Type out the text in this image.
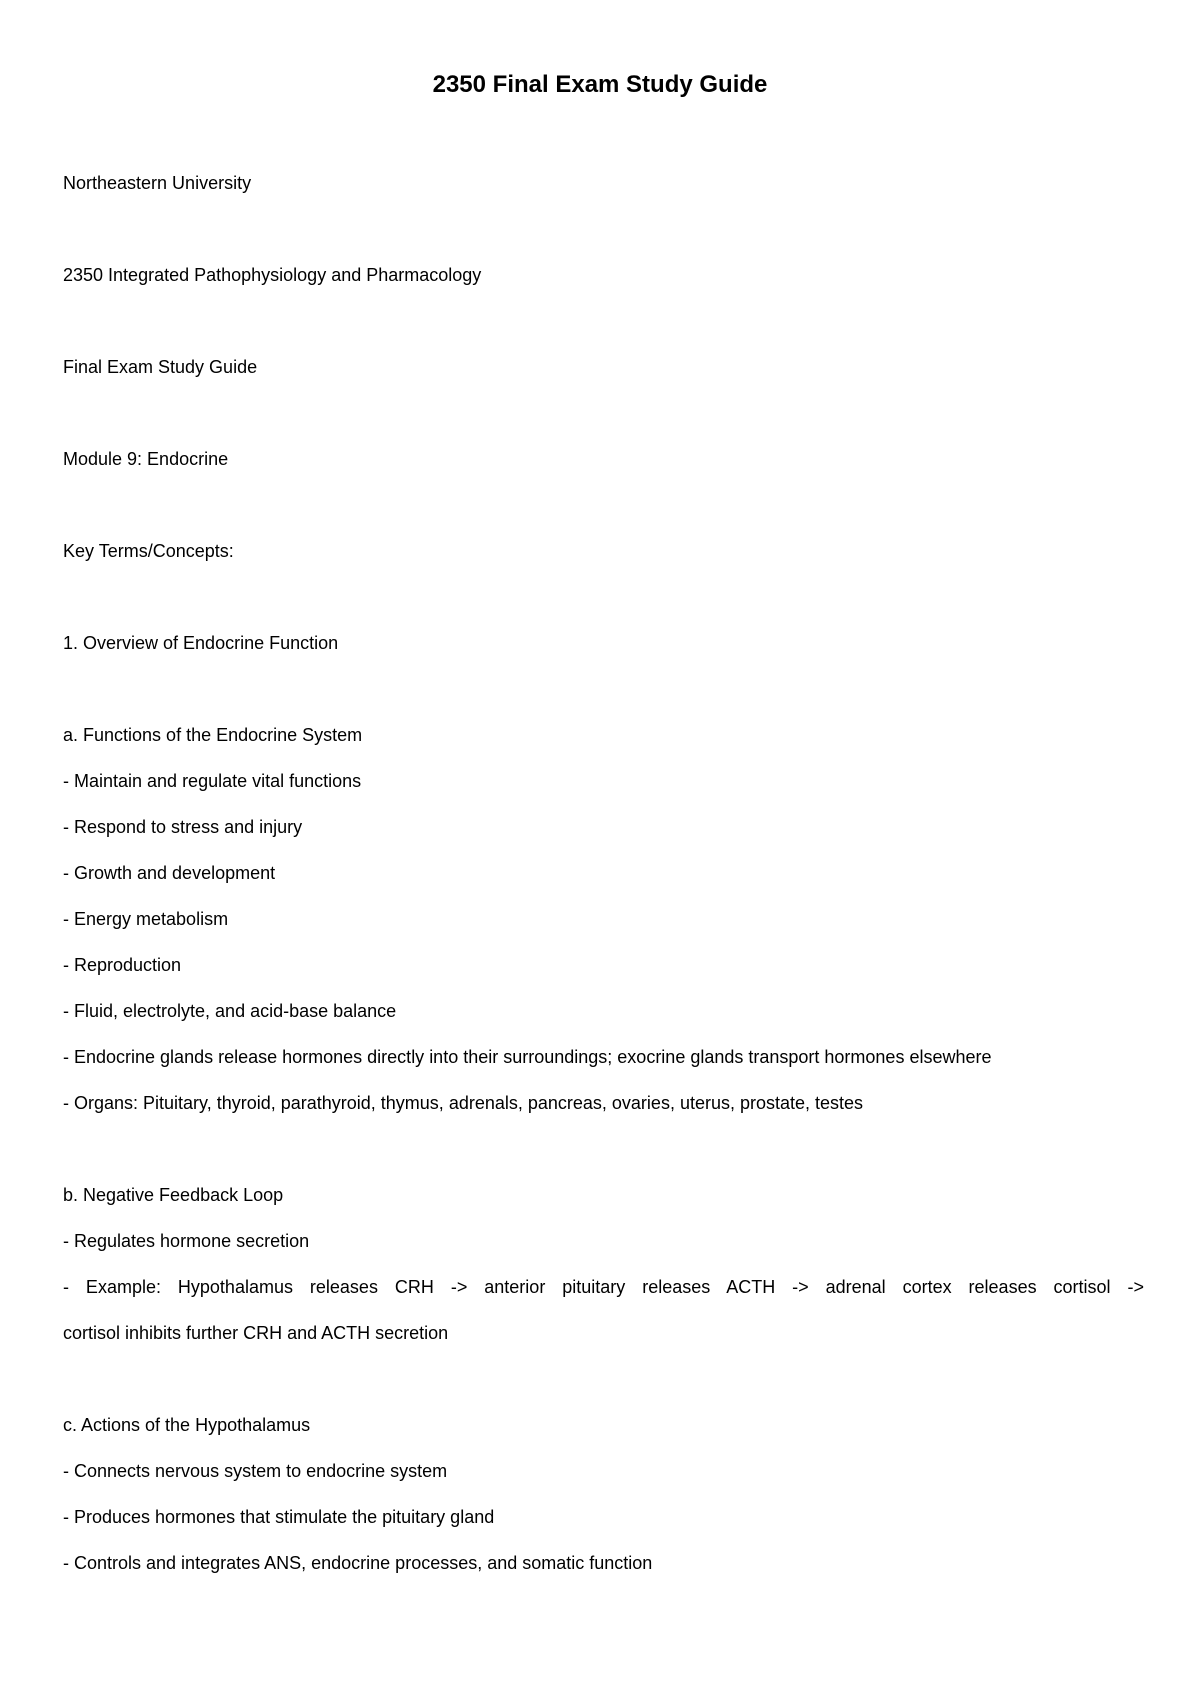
2350 Final Exam Study Guide
Northeastern University
2350 Integrated Pathophysiology and Pharmacology
Final Exam Study Guide
Module 9: Endocrine
Key Terms/Concepts:
1. Overview of Endocrine Function
a. Functions of the Endocrine System
- Maintain and regulate vital functions
- Respond to stress and injury
- Growth and development
- Energy metabolism
- Reproduction
- Fluid, electrolyte, and acid-base balance
- Endocrine glands release hormones directly into their surroundings; exocrine glands transport hormones elsewhere
- Organs: Pituitary, thyroid, parathyroid, thymus, adrenals, pancreas, ovaries, uterus, prostate, testes
b. Negative Feedback Loop
- Regulates hormone secretion
- Example: Hypothalamus releases CRH -> anterior pituitary releases ACTH -> adrenal cortex releases cortisol ->
cortisol inhibits further CRH and ACTH secretion
c. Actions of the Hypothalamus
- Connects nervous system to endocrine system
- Produces hormones that stimulate the pituitary gland
- Controls and integrates ANS, endocrine processes, and somatic function
